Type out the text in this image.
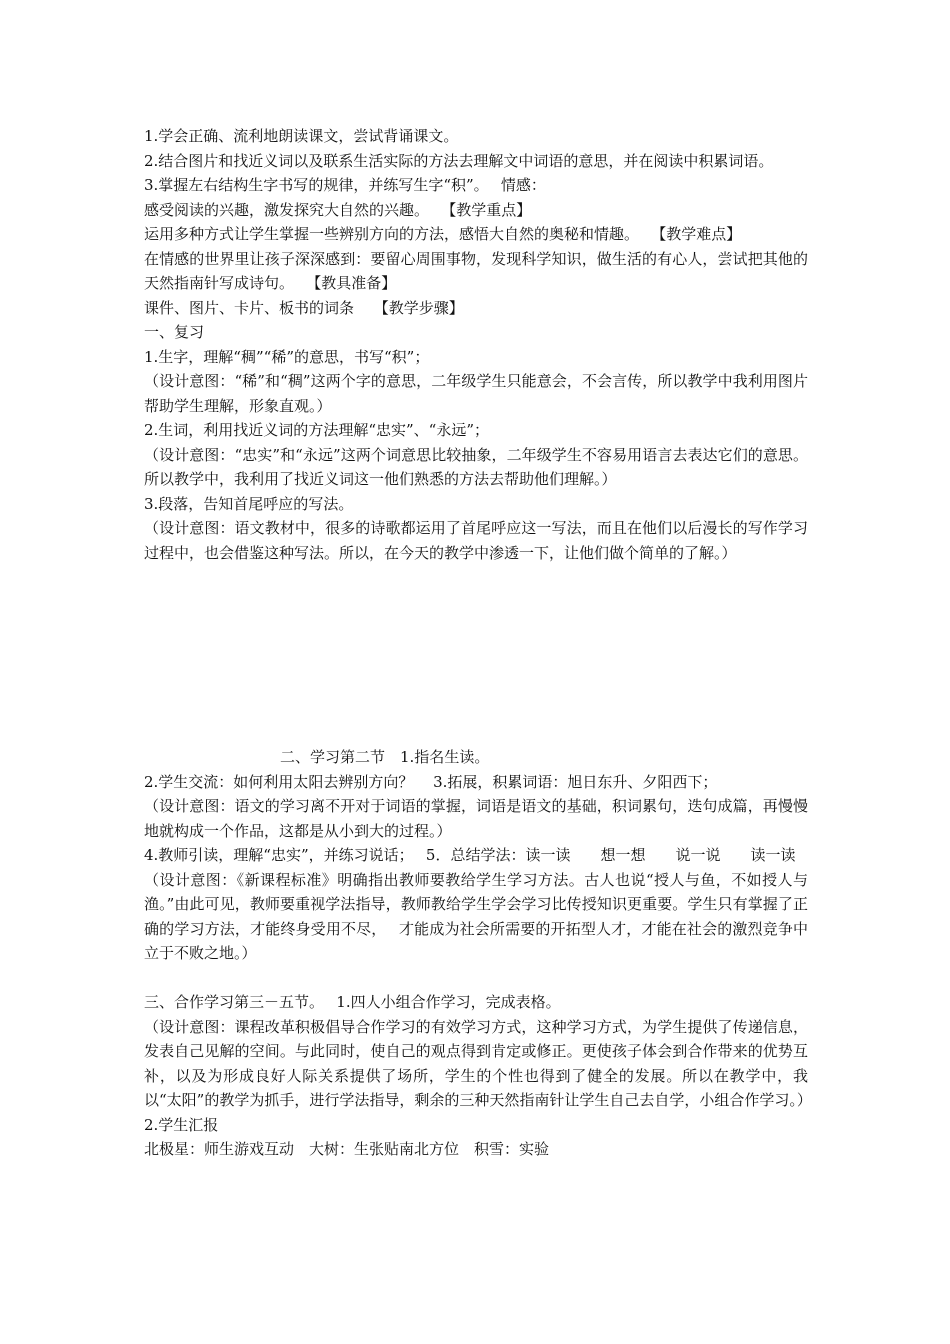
1.学会正确、流利地朗读课文，尝试背诵课文。
2.结合图片和找近义词以及联系生活实际的方法去理解文中词语的意思，并在阅读中积累词语。
3.掌握左右结构生字书写的规律，并练写生字“积”。　 情感：
感受阅读的兴趣，激发探究大自然的兴趣。　 【教学重点】
运用多种方式让学生掌握一些辨别方向的方法，感悟大自然的奥秘和情趣。　 【教学难点】
在情感的世界里让孩子深深感到：要留心周围事物，发现科学知识，做生活的有心人，尝试把其他的天然指南针写成诗句。　 【教具准备】
课件、图片、卡片、板书的词条　 【教学步骤】
一、复习
1.生字，理解“稠”“稀”的意思，书写“积”；
（设计意图：“稀”和“稠”这两个字的意思，二年级学生只能意会，不会言传，所以教学中我利用图片帮助学生理解，形象直观。）
2.生词，利用找近义词的方法理解“忠实”、“永远”；
（设计意图：“忠实”和“永远”这两个词意思比较抽象，二年级学生不容易用语言去表达它们的意思。所以教学中，我利用了找近义词这一他们熟悉的方法去帮助他们理解。）
3.段落，告知首尾呼应的写法。
（设计意图：语文教材中，很多的诗歌都运用了首尾呼应这一写法，而且在他们以后漫长的写作学习过程中，也会借鉴这种写法。所以，在今天的教学中渗透一下，让他们做个简单的了解。）
二、学习第二节　1.指名生读。
2.学生交流：如何利用太阳去辨别方向？　 3.拓展，积累词语：旭日东升、夕阳西下；
（设计意图：语文的学习离不开对于词语的掌握，词语是语文的基础，积词累句，迭句成篇，再慢慢地就构成一个作品，这都是从小到大的过程。）
4.教师引读，理解“忠实”，并练习说话；　 5．总结学法：读一读　　想一想　　说一说　　读一读
（设计意图：《新课程标准》明确指出教师要教给学生学习方法。古人也说“授人与鱼，不如授人与渔。”由此可见，教师要重视学法指导，教师教给学生学会学习比传授知识更重要。学生只有掌握了正确的学习方法，才能终身受用不尽，　 才能成为社会所需要的开拓型人才，才能在社会的激烈竞争中立于不败之地。）
三、合作学习第三－五节。　 1.四人小组合作学习，完成表格。
（设计意图：课程改革积极倡导合作学习的有效学习方式，这种学习方式，为学生提供了传递信息，发表自己见解的空间。与此同时，使自己的观点得到肯定或修正。更使孩子体会到合作带来的优势互补，以及为形成良好人际关系提供了场所，学生的个性也得到了健全的发展。所以在教学中，我以“太阳”的教学为抓手，进行学法指导，剩余的三种天然指南针让学生自己去自学，小组合作学习。）
2.学生汇报
北极星：师生游戏互动　大树：生张贴南北方位　积雪：实验
